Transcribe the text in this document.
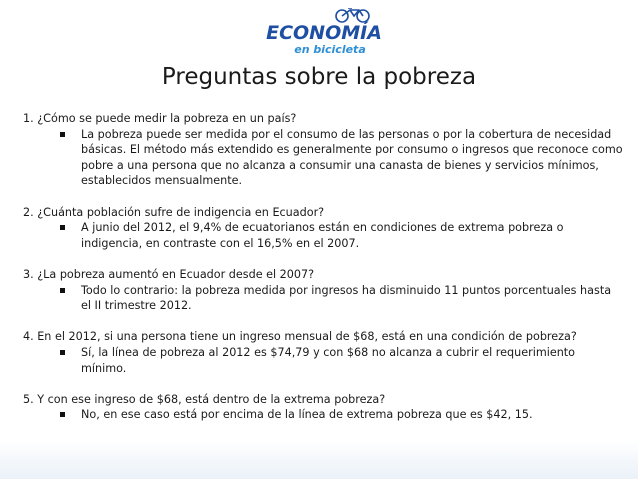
ECONOMÍA
en bicicleta
Preguntas sobre la pobreza
1. ¿Cómo se puede medir la pobreza en un país?
La pobreza puede ser medida por el consumo de las personas o por la cobertura de necesidad básicas. El método más extendido es generalmente por consumo o ingresos que reconoce como pobre a una persona que no alcanza a consumir una canasta de bienes y servicios mínimos, establecidos mensualmente.
2. ¿Cuánta población sufre de indigencia en Ecuador?
A junio del 2012, el 9,4% de ecuatorianos están en condiciones de extrema pobreza o indigencia, en contraste con el 16,5% en el 2007.
3. ¿La pobreza aumentó en Ecuador desde el 2007?
Todo lo contrario: la pobreza medida por ingresos ha disminuido 11 puntos porcentuales hasta el II trimestre 2012.
4. En el 2012, si una persona tiene un ingreso mensual de $68, está en una condición de pobreza?
Sí, la línea de pobreza al 2012 es $74,79 y con $68 no alcanza a cubrir el requerimiento mínimo.
5. Y con ese ingreso de $68, está dentro de la extrema pobreza?
No, en ese caso está por encima de la línea de extrema pobreza que es $42, 15.
